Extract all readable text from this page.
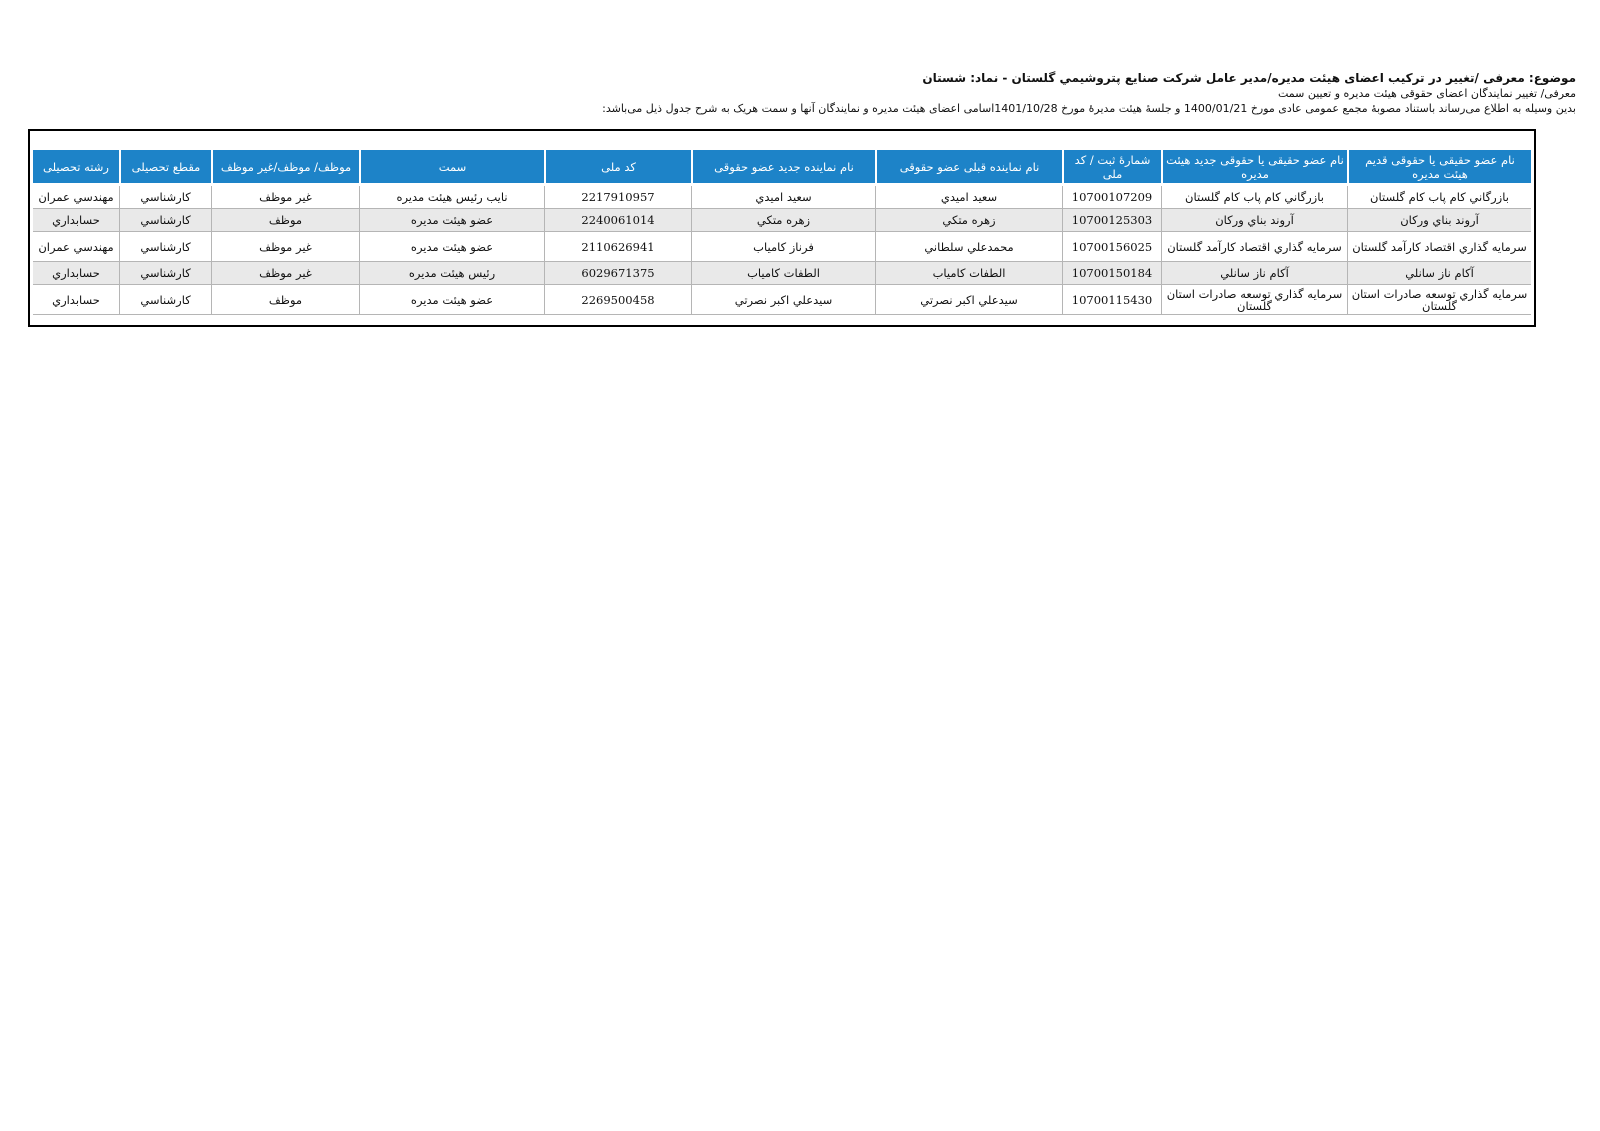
موضوع: معرفی /تغییر در ترکیب اعضای هیئت مدیره/مدیر عامل شرکت صنایع پتروشیمي گلستان - نماد: شستان
معرفی/ تغییر نمایندگان اعضای حقوقی هیئت مدیره و تعیین سمت
بدین وسیله به اطلاع می‌رساند باستناد مصوبهٔ مجمع عمومی عادی مورخ 1400/01/21 و جلسهٔ هیئت مدیرهٔ مورخ 1401/10/28اسامی اعضای هیئت مدیره و نمایندگان آنها و سمت هریک به شرح جدول ذیل می‌باشد:
نام عضو حقیقی یا حقوقی قدیم هیئت مدیره	نام عضو حقیقی یا حقوقی جدید هیئت مدیره	شمارهٔ ثبت / کد ملی	نام نماینده قبلی عضو حقوقی	نام نماینده جدید عضو حقوقی	کد ملی	سمت	موظف/ موظف/غیر موظف	مقطع تحصیلی	رشته تحصیلی
بازرگاني كام پاب كام گلستان	بازرگاني كام پاب كام گلستان	10700107209	سعيد اميدي	سعيد اميدي	2217910957	نايب رئيس هيئت مديره	غير موظف	كارشناسي	مهندسي عمران
آروند بناي وركان	آروند بناي وركان	10700125303	زهره متكي	زهره متكي	2240061014	عضو هيئت مديره	موظف	كارشناسي	حسابداري
سرمايه گذاري اقتصاد كارآمد گلستان	سرمايه گذاري اقتصاد كارآمد گلستان	10700156025	محمدعلي سلطاني	فرناز كامياب	2110626941	عضو هيئت مديره	غير موظف	كارشناسي	مهندسي عمران
آكام ناز سانلي	آكام ناز سانلي	10700150184	الطفات كامياب	الطفات كامياب	6029671375	رئيس هيئت مديره	غير موظف	كارشناسي	حسابداري
سرمايه گذاري توسعه صادرات استان گلستان	سرمايه گذاري توسعه صادرات استان گلستان	10700115430	سيدعلي اكبر نصرتي	سيدعلي اكبر نصرتي	2269500458	عضو هيئت مديره	موظف	كارشناسي	حسابداري
